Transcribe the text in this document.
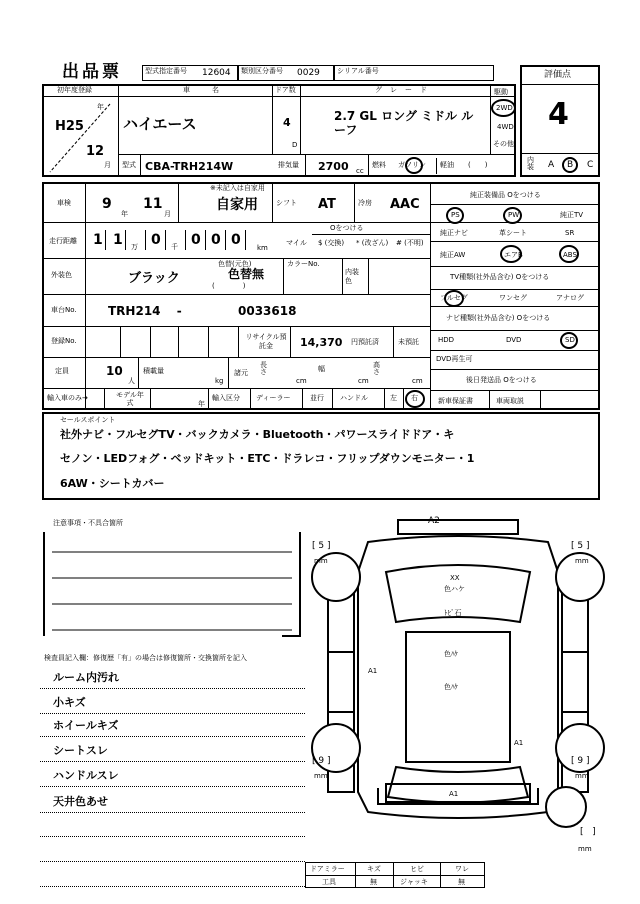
出品票	型式指定番号 12604 類別区分番号 0029 シリアル番号	評価点
4
内装 A B C
初年度登録
H25
年
12
月
車名
ハイエース
ドア数
4
D
グレード
2.7 GL ロング ミドル ルーフ
駆動
2WD
4WD
その他
型式 CBA-TRH214W	排気量 2700 cc
燃料 ガソリン 軽油 (　　)
車検 9
年
11
月
※未記入は自家用
自家用	シフト AT	冷房 AAC
走行距離 1 1 万 0 千 0 0 0 km
マイル
Oをつける
$ (交換) * (改ざん) # (不明)
外装色	ブラック
色替(元色)
色替無
(　　　　)
カラーNo.
内装色
車台No.	TRH214 　-	0033618
登録No.	リサイクル預託金	14,370 円預託済	未預託
定員	10
人
積載量
kg
諸元
長さ
cm
幅
cm
高さ
cm
輸入車のみ→	モデル年式	年
輸入区分 ディーラー	並行 ハンドル	左 右
純正装備品 Oをつける
PS	PW	純正TV
純正ナビ	革シート	SR
純正AW	エアB	ABS
TV種類(社外品含む) Oをつける
フルセグ	ワンセグ	アナログ
ナビ種類(社外品含む) Oをつける
HDD	DVD	SD
DVD再生可
後日発送品 Oをつける
新車保証書	車両取説
セールスポイント
社外ナビ・フルセグTV・バックカメラ・Bluetooth・パワースライドドア・キ
セノン・LEDフォグ・ベッドキット・ETC・ドラレコ・フリップダウンモニター・1
6AW・シートカバー
注意事項・不具合箇所
検査員記入欄：修復歴「有」の場合は修復箇所・交換箇所を記入
ルーム内汚れ
小キズ
ホイールキズ
シートスレ
ハンドルスレ
天井色あせ
A2
XX
色ハケ
ﾄﾋﾞ石
色ﾊｹ
色ﾊｹ
A1
A1
A1
[ 5 ]
mm
[ 5 ]
mm
[ 9 ]
mm
[ 9 ]
mm
[   ]
mm
ドアミラー	キズ	ヒビ	ワレ
工具	無	ジャッキ	無
